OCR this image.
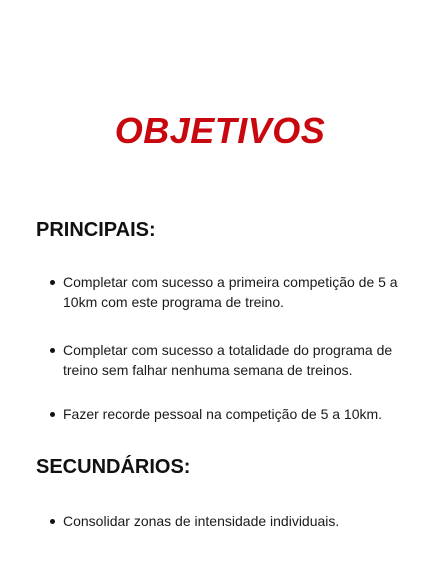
OBJETIVOS
PRINCIPAIS:
Completar com sucesso a primeira competição de 5 a 10km com este programa de treino.
Completar com sucesso a totalidade do programa de treino sem falhar nenhuma semana de treinos.
Fazer recorde pessoal na competição de 5 a 10km.
SECUNDÁRIOS:
Consolidar zonas de intensidade individuais.
